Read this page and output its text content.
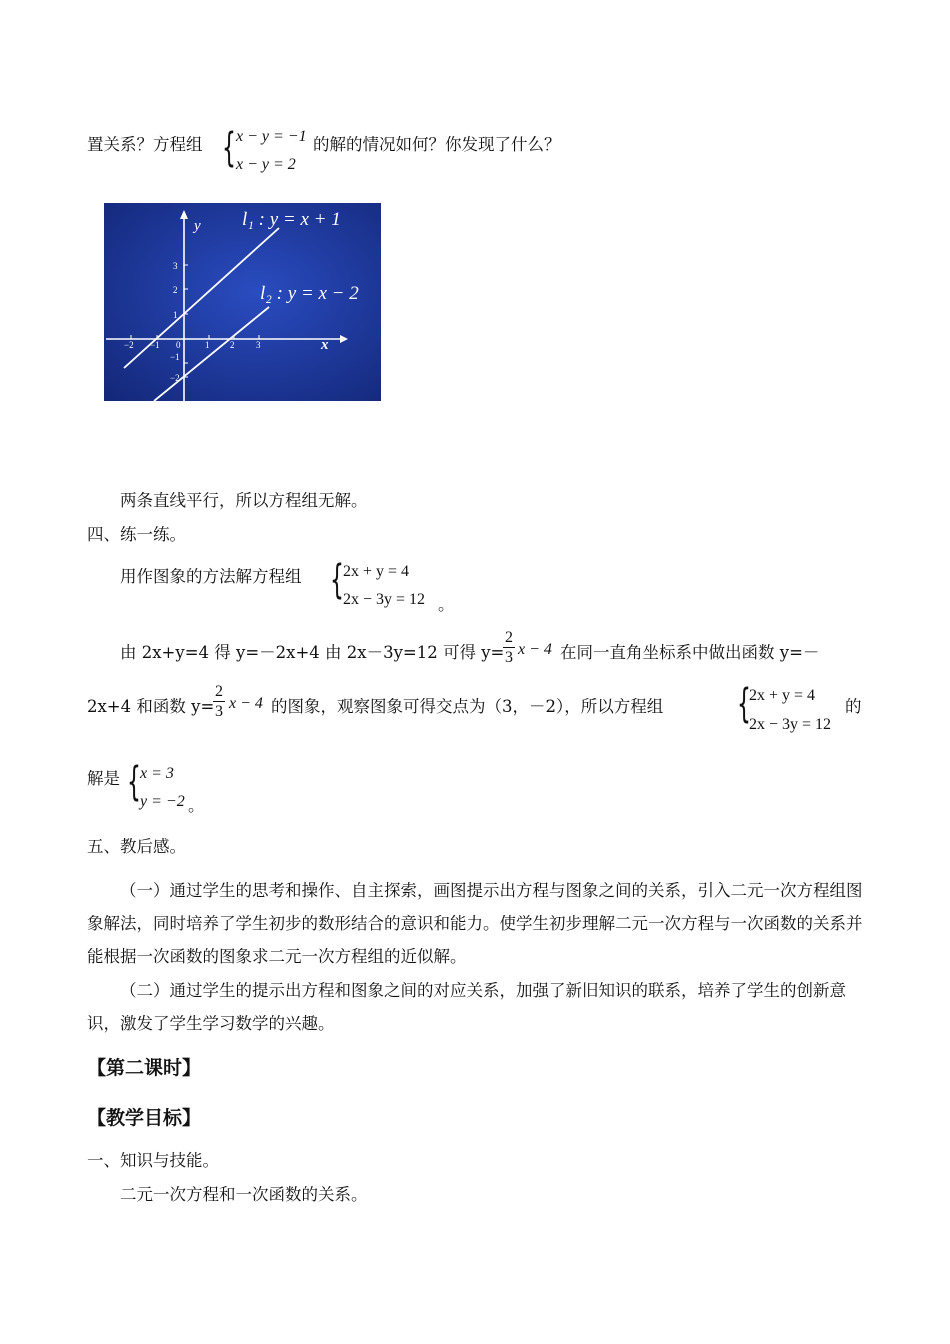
置关系？方程组 { x − y = −1
x − y = 2
的解的情况如何？你发现了什么？
y
x
l₁ : y = x + 1
l₂ : y = x − 2
−2 −1 0	1 2 3
3
2
1
−1
−2
两条直线平行，所以方程组无解。
四、练一练。
用作图象的方法解方程组 { 2x + y = 4
2x − 3y = 12 。
由 2x+y=4 得 y=－2x+4 由 2x－3y=12 可得 y=
2
3 x − 4 在同一直角坐标系中做出函数 y=－
2x+4 和函数 y=
2
3 x − 4 的图象，观察图象可得交点为（3，－2），所以方程组 {
2x + y = 4
2x − 3y = 12
的
解是 { x = 3
y = −2 。
五、教后感。
（一）通过学生的思考和操作、自主探索，画图提示出方程与图象之间的关系，引入二元一次方程组图象解法，同时培养了学生初步的数形结合的意识和能力。使学生初步理解二元一次方程与一次函数的关系并能根据一次函数的图象求二元一次方程组的近似解。
（二）通过学生的提示出方程和图象之间的对应关系，加强了新旧知识的联系，培养了学生的创新意识，激发了学生学习数学的兴趣。
【第二课时】
【教学目标】
一、知识与技能。
二元一次方程和一次函数的关系。
